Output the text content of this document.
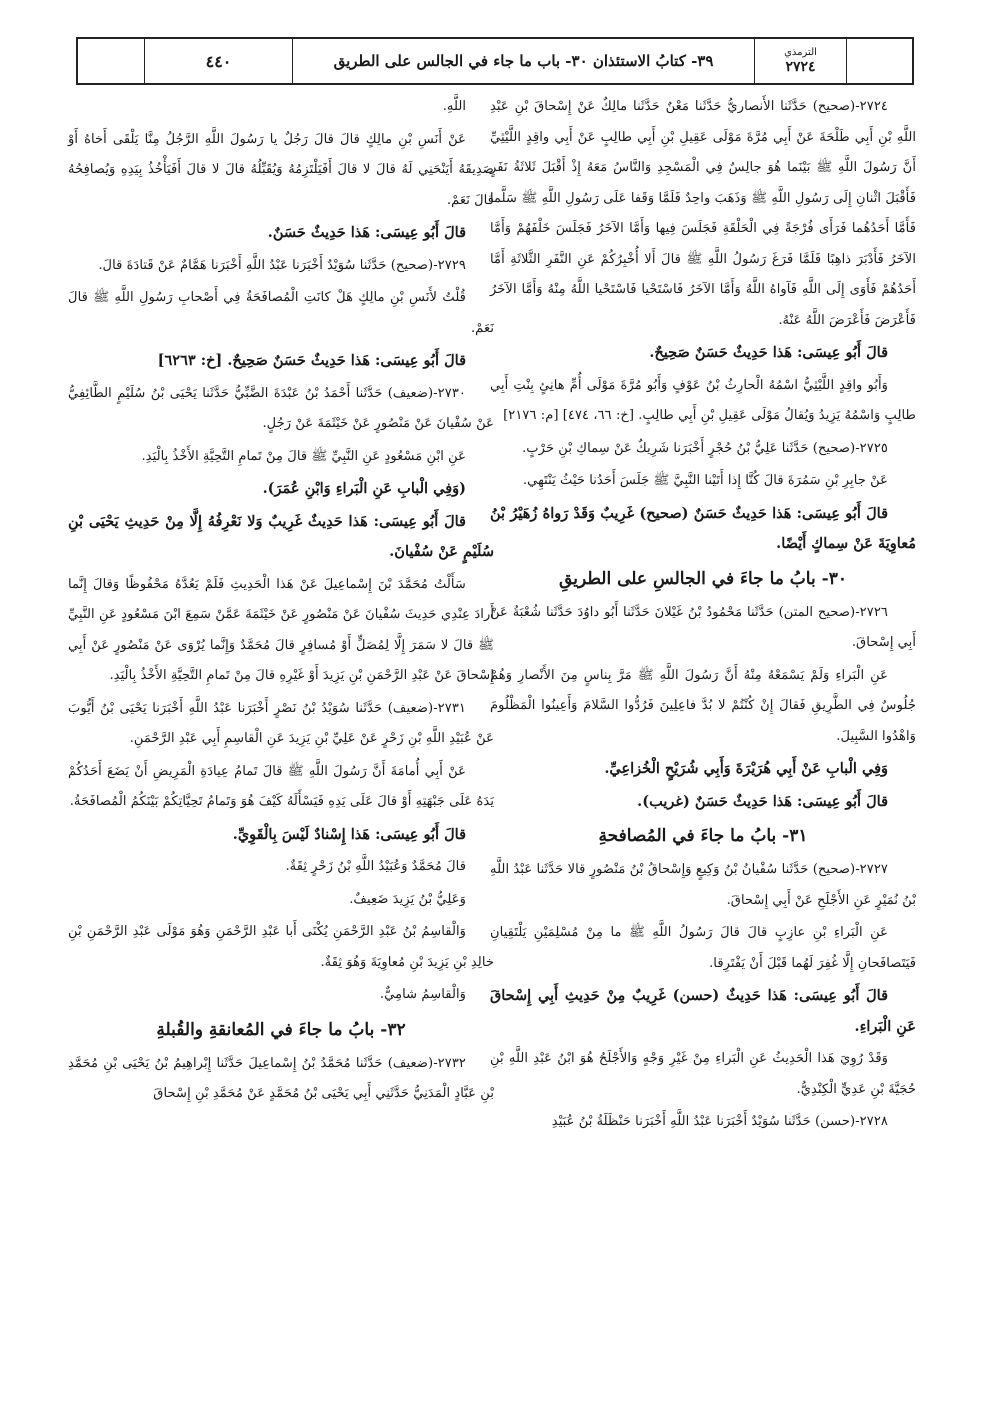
الترمذي
٢٧٢٤
٣٩- كتابُ الاستئذان ٣٠- باب ما جاء في الجالس على الطريق
٤٤٠

٢٧٢٤-(صحيح) حَدَّثَنا الأَنصاريُّ حَدَّثَنا مَعْنٌ حَدَّثَنا مالِكٌ عَنْ إِسْحاقَ بْنِ عَبْدِ اللَّهِ بْنِ أَبِي طَلْحَةَ عَنْ أَبِي مُرَّةَ مَوْلَى عَقِيلِ بْنِ أَبِي طالِبٍ عَنْ أَبِي واقِدٍ اللَّيْثِيِّ أَنَّ رَسُولَ اللَّهِ ﷺ بَيْنَما هُوَ جالِسٌ فِي الْمَسْجِدِ وَالنَّاسُ مَعَهُ إِذْ أَقْبَلَ ثَلاثَةُ نَفَرٍ فَأَقْبَلَ اثْنانِ إِلَى رَسُولِ اللَّهِ ﷺ وَذَهَبَ واحِدٌ فَلَمَّا وَقَفا عَلَى رَسُولِ اللَّهِ ﷺ سَلَّما فَأَمَّا أَحَدُهُما فَرَأَى فُرْجَةً فِي الْحَلْقَةِ فَجَلَسَ فِيها وَأَمَّا الآخَرُ فَجَلَسَ خَلْفَهُمْ وَأَمَّا الآخَرُ فَأَدْبَرَ ذاهِبًا فَلَمَّا فَرَغَ رَسُولُ اللَّهِ ﷺ قالَ أَلا أُخْبِرُكُمْ عَنِ النَّفَرِ الثَّلاثَةِ أَمَّا أَحَدُهُمْ فَأَوَى إِلَى اللَّهِ فَآواهُ اللَّهُ وَأَمَّا الآخَرُ فَاسْتَحْيا فَاسْتَحْيا اللَّهُ مِنْهُ وَأَمَّا الآخَرُ فَأَعْرَضَ فَأَعْرَضَ اللَّهُ عَنْهُ.

قالَ أَبُو عِيسَى: هَذا حَدِيثٌ حَسَنٌ صَحِيحٌ.

وَأَبُو واقِدٍ اللَّيْثِيُّ اسْمُهُ الْحارِثُ بْنُ عَوْفٍ وَأَبُو مُرَّةَ مَوْلَى أُمِّ هانِئٍ بِنْتِ أَبِي طالِبٍ وَاسْمُهُ يَزِيدُ وَيُقالُ مَوْلَى عَقِيلِ بْنِ أَبِي طالِبٍ. [خ: ٦٦، ٤٧٤] [م: ٢١٧٦]

٢٧٢٥-(صحيح) حَدَّثَنا عَلِيُّ بْنُ حُجْرٍ أَخْبَرَنا شَرِيكٌ عَنْ سِماكِ بْنِ حَرْبٍ.

عَنْ جابِرِ بْنِ سَمُرَةَ قالَ كُنَّا إِذا أَتَيْنا النَّبِيَّ ﷺ جَلَسَ أَحَدُنا حَيْثُ يَنْتَهِي.

قالَ أَبُو عِيسَى: هَذا حَدِيثٌ حَسَنٌ (صحيح) غَرِيبٌ وَقَدْ رَواهُ زُهَيْرُ بْنُ مُعاوِيَةَ عَنْ سِماكٍ أَيْضًا.

٣٠- بابُ ما جاءَ في الجالسِ على الطريقِ

٢٧٢٦-(صحيح المتن) حَدَّثَنا مَحْمُودُ بْنُ غَيْلانَ حَدَّثَنا أَبُو داوُدَ حَدَّثَنا شُعْبَةُ عَنْ أَبِي إِسْحاقَ.

عَنِ الْبَراءِ وَلَمْ يَسْمَعْهُ مِنْهُ أَنَّ رَسُولَ اللَّهِ ﷺ مَرَّ بِناسٍ مِنَ الأَنْصارِ وَهُمْ جُلُوسٌ فِي الطَّرِيقِ فَقالَ إِنْ كُنْتُمْ لا بُدَّ فاعِلِينَ فَرُدُّوا السَّلامَ وَأَعِينُوا الْمَظْلُومَ وَاهْدُوا السَّبِيلَ.

وَفِي الْبابِ عَنْ أَبِي هُرَيْرَةَ وَأَبِي شُرَيْحٍ الْخُزاعِيِّ.

قالَ أَبُو عِيسَى: هَذا حَدِيثٌ حَسَنٌ (غريب).

٣١- بابُ ما جاءَ في المُصافحةِ

٢٧٢٧-(صحيح) حَدَّثَنا سُفْيانُ بْنُ وَكِيعٍ وَإِسْحاقُ بْنُ مَنْصُورٍ قالا حَدَّثَنا عَبْدُ اللَّهِ بْنُ نُمَيْرٍ عَنِ الأَجْلَحِ عَنْ أَبِي إِسْحاقَ.

عَنِ الْبَراءِ بْنِ عازِبٍ قالَ قالَ رَسُولُ اللَّهِ ﷺ ما مِنْ مُسْلِمَيْنِ يَلْتَقِيانِ فَيَتَصافَحانِ إِلَّا غُفِرَ لَهُما قَبْلَ أَنْ يَفْتَرِقا.

قالَ أَبُو عِيسَى: هَذا حَدِيثٌ (حسن) غَرِيبٌ مِنْ حَدِيثِ أَبِي إِسْحاقَ عَنِ الْبَراءِ.

وَقَدْ رُوِيَ هَذا الْحَدِيثُ عَنِ الْبَراءِ مِنْ غَيْرِ وَجْهٍ وَالأَجْلَحُ هُوَ ابْنُ عَبْدِ اللَّهِ بْنِ حُجَيَّةَ بْنِ عَدِيٍّ الْكِنْدِيُّ.

٢٧٢٨-(حسن) حَدَّثَنا سُوَيْدٌ أَخْبَرَنا عَبْدُ اللَّهِ أَخْبَرَنا حَنْظَلَةُ بْنُ عُبَيْدِ

اللَّهِ.

عَنْ أَنَسِ بْنِ مالِكٍ قالَ قالَ رَجُلٌ يا رَسُولَ اللَّهِ الرَّجُلُ مِنَّا يَلْقَى أَخاهُ أَوْ صَدِيقَهُ أَيَنْحَنِي لَهُ قالَ لا قالَ أَفَيَلْتَزِمُهُ وَيُقَبِّلُهُ قالَ لا قالَ أَفَيَأْخُذُ بِيَدِهِ وَيُصافِحُهُ قالَ نَعَمْ.

قالَ أَبُو عِيسَى: هَذا حَدِيثٌ حَسَنٌ.

٢٧٢٩-(صحيح) حَدَّثَنا سُوَيْدٌ أَخْبَرَنا عَبْدُ اللَّهِ أَخْبَرَنا هَمَّامٌ عَنْ قَتادَةَ قالَ.

قُلْتُ لأَنَسِ بْنِ مالِكٍ هَلْ كانَتِ الْمُصافَحَةُ فِي أَصْحابِ رَسُولِ اللَّهِ ﷺ قالَ نَعَمْ.

قالَ أَبُو عِيسَى: هَذا حَدِيثٌ حَسَنٌ صَحِيحٌ. [خ: ٦٢٦٣]

٢٧٣٠-(ضعيف) حَدَّثَنا أَحْمَدُ بْنُ عَبْدَةَ الضَّبِّيُّ حَدَّثَنا يَحْيَى بْنُ سُلَيْمٍ الطَّائِفِيُّ عَنْ سُفْيانَ عَنْ مَنْصُورٍ عَنْ خَيْثَمَةَ عَنْ رَجُلٍ.

عَنِ ابْنِ مَسْعُودٍ عَنِ النَّبِيِّ ﷺ قالَ مِنْ تَمامِ التَّحِيَّةِ الأَخْذُ بِالْيَدِ.

(وَفِي الْبابِ عَنِ الْبَراءِ وَابْنِ عُمَرَ).

قالَ أَبُو عِيسَى: هَذا حَدِيثٌ غَرِيبٌ وَلا نَعْرِفُهُ إِلَّا مِنْ حَدِيثِ يَحْيَى بْنِ سُلَيْمٍ عَنْ سُفْيانَ.

سَأَلْتُ مُحَمَّدَ بْنَ إِسْماعِيلَ عَنْ هَذا الْحَدِيثِ فَلَمْ يَعُدَّهُ مَحْفُوظًا وَقالَ إِنَّما أَرادَ عِنْدِي حَدِيثَ سُفْيانَ عَنْ مَنْصُورٍ عَنْ خَيْثَمَةَ عَمَّنْ سَمِعَ ابْنَ مَسْعُودٍ عَنِ النَّبِيِّ ﷺ قالَ لا سَمَرَ إِلَّا لِمُصَلٍّ أَوْ مُسافِرٍ قالَ مُحَمَّدٌ وَإِنَّما يُرْوَى عَنْ مَنْصُورٍ عَنْ أَبِي إِسْحاقَ عَنْ عَبْدِ الرَّحْمَنِ بْنِ يَزِيدَ أَوْ غَيْرِهِ قالَ مِنْ تَمامِ التَّحِيَّةِ الأَخْذُ بِالْيَدِ.

٢٧٣١-(ضعيف) حَدَّثَنا سُوَيْدُ بْنُ نَصْرٍ أَخْبَرَنا عَبْدُ اللَّهِ أَخْبَرَنا يَحْيَى بْنُ أَيُّوبَ عَنْ عُبَيْدِ اللَّهِ بْنِ زَحْرٍ عَنْ عَلِيِّ بْنِ يَزِيدَ عَنِ الْقاسِمِ أَبِي عَبْدِ الرَّحْمَنِ.

عَنْ أَبِي أُمامَةَ أَنَّ رَسُولَ اللَّهِ ﷺ قالَ تَمامُ عِيادَةِ الْمَرِيضِ أَنْ يَضَعَ أَحَدُكُمْ يَدَهُ عَلَى جَبْهَتِهِ أَوْ قالَ عَلَى يَدِهِ فَيَسْأَلَهُ كَيْفَ هُوَ وَتَمامُ تَحِيَّاتِكُمْ بَيْنَكُمُ الْمُصافَحَةُ.

قالَ أَبُو عِيسَى: هَذا إِسْنادٌ لَيْسَ بِالْقَوِيِّ.

قالَ مُحَمَّدٌ وَعُبَيْدُ اللَّهِ بْنُ زَحْرٍ ثِقَةٌ.

وَعَلِيُّ بْنُ يَزِيدَ ضَعِيفٌ.

وَالْقاسِمُ بْنُ عَبْدِ الرَّحْمَنِ يُكْنَى أَبا عَبْدِ الرَّحْمَنِ وَهُوَ مَوْلَى عَبْدِ الرَّحْمَنِ بْنِ خالِدِ بْنِ يَزِيدَ بْنِ مُعاوِيَةَ وَهُوَ ثِقَةٌ.

وَالْقاسِمُ شامِيٌّ.

٣٢- بابُ ما جاءَ في المُعانقةِ والقُبلةِ

٢٧٣٢-(ضعيف) حَدَّثَنا مُحَمَّدُ بْنُ إِسْماعِيلَ حَدَّثَنا إِبْراهِيمُ بْنُ يَحْيَى بْنِ مُحَمَّدِ بْنِ عَبَّادٍ الْمَدَنِيُّ حَدَّثَنِي أَبِي يَحْيَى بْنُ مُحَمَّدٍ عَنْ مُحَمَّدِ بْنِ إِسْحاقَ
